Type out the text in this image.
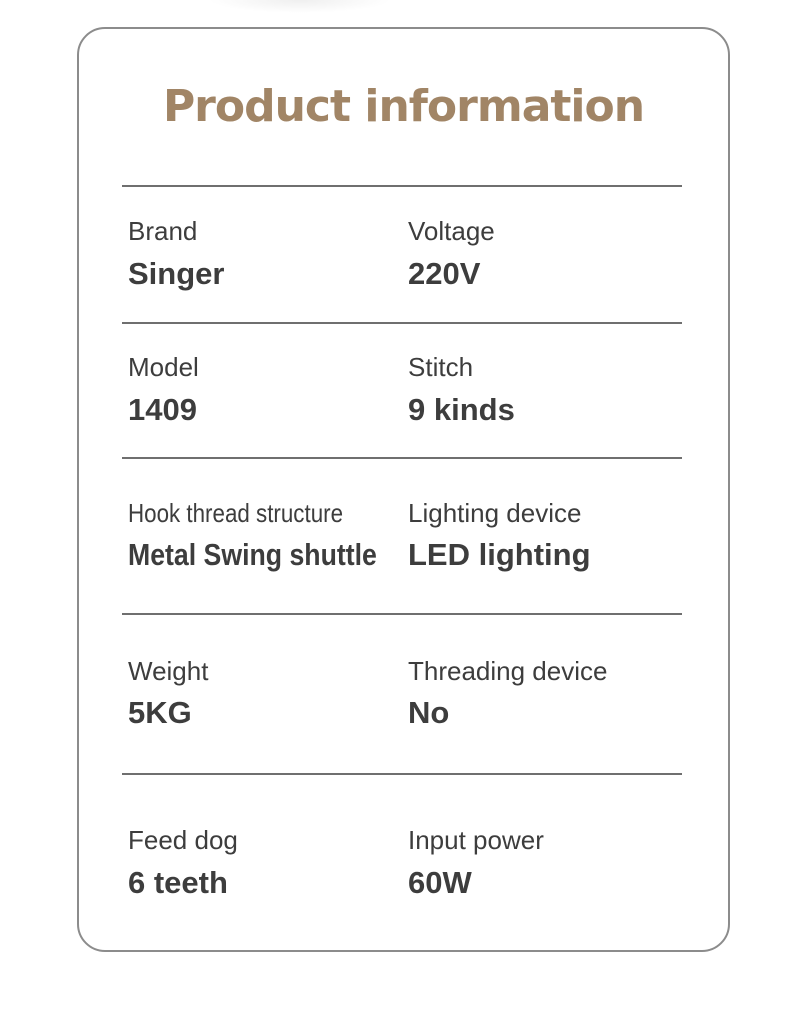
Product information
Brand
Singer
Voltage
220V
Model
1409
Stitch
9 kinds
Hook thread structure
Metal Swing shuttle
Lighting device
LED lighting
Weight
5KG
Threading device
No
Feed dog
6 teeth
Input power
60W
